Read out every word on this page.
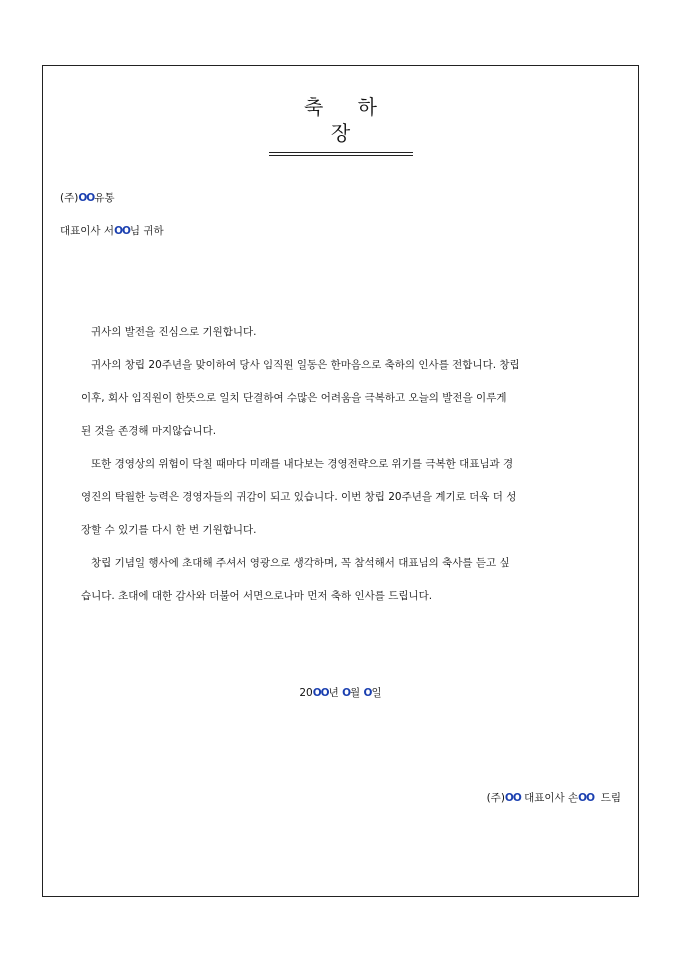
축 하 장
(주)OO유통
대표이사 서OO님 귀하
귀사의 발전을 진심으로 기원합니다.
귀사의 창립 20주년을 맞이하여 당사 임직원 일동은 한마음으로 축하의 인사를 전합니다. 창립
이후, 회사 임직원이 한뜻으로 일치 단결하여 수많은 어려움을 극복하고 오늘의 발전을 이루게
된 것을 존경해 마지않습니다.
또한 경영상의 위험이 닥칠 때마다 미래를 내다보는 경영전략으로 위기를 극복한 대표님과 경
영진의 탁월한 능력은 경영자들의 귀감이 되고 있습니다. 이번 창립 20주년을 계기로 더욱 더 성
장할 수 있기를 다시 한 번 기원합니다.
창립 기념일 행사에 초대해 주셔서 영광으로 생각하며, 꼭 참석해서 대표님의 축사를 듣고 싶
습니다. 초대에 대한 감사와 더불어 서면으로나마 먼저 축하 인사를 드립니다.
20OO년 O월 O일
(주)OO 대표이사 손OO  드림
